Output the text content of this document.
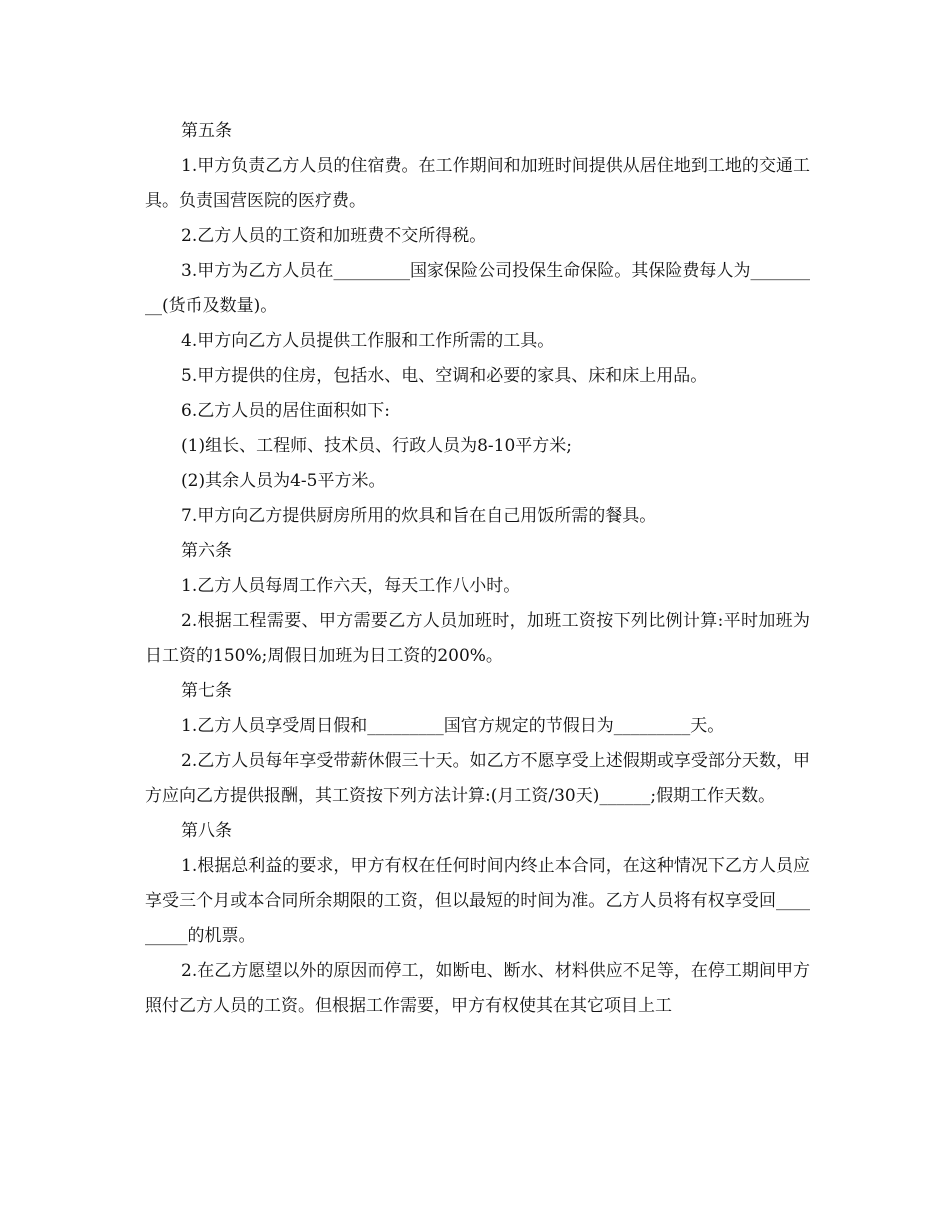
第五条

1.甲方负责乙方人员的住宿费。在工作期间和加班时间提供从居住地到工地的交通工具。负责国营医院的医疗费。

2.乙方人员的工资和加班费不交所得税。

3.甲方为乙方人员在_________国家保险公司投保生命保险。其保险费每人为_________(货币及数量)。

4.甲方向乙方人员提供工作服和工作所需的工具。

5.甲方提供的住房，包括水、电、空调和必要的家具、床和床上用品。

6.乙方人员的居住面积如下:

(1)组长、工程师、技术员、行政人员为8-10平方米;

(2)其余人员为4-5平方米。

7.甲方向乙方提供厨房所用的炊具和旨在自己用饭所需的餐具。

第六条

1.乙方人员每周工作六天，每天工作八小时。

2.根据工程需要、甲方需要乙方人员加班时，加班工资按下列比例计算:平时加班为日工资的150%;周假日加班为日工资的200%。

第七条

1.乙方人员享受周日假和_________国官方规定的节假日为_________天。

2.乙方人员每年享受带薪休假三十天。如乙方不愿享受上述假期或享受部分天数，甲方应向乙方提供报酬，其工资按下列方法计算:(月工资/30天)______;假期工作天数。

第八条

1.根据总利益的要求，甲方有权在任何时间内终止本合同，在这种情况下乙方人员应享受三个月或本合同所余期限的工资，但以最短的时间为准。乙方人员将有权享受回_________的机票。

2.在乙方愿望以外的原因而停工，如断电、断水、材料供应不足等，在停工期间甲方照付乙方人员的工资。但根据工作需要，甲方有权使其在其它项目上工
